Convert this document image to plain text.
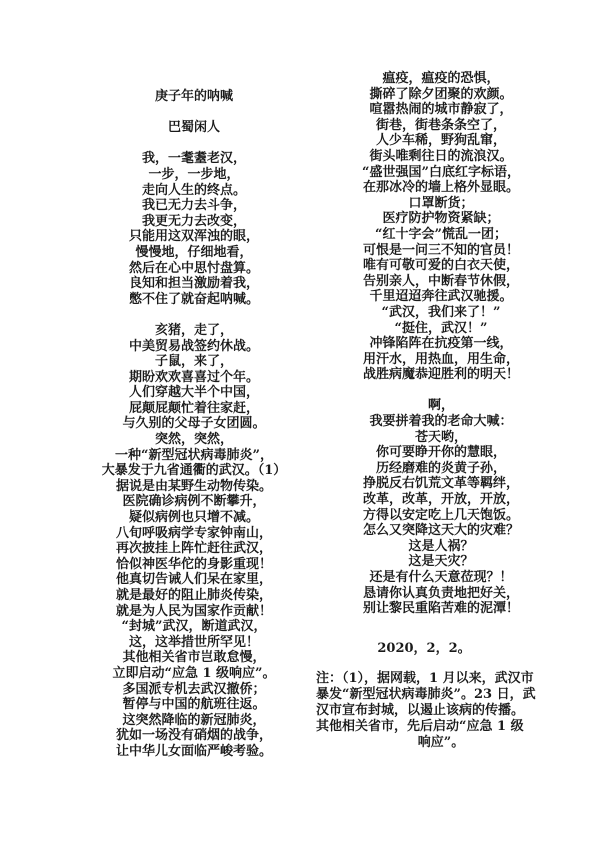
庚子年的呐喊
巴蜀闲人
我，一耄耋老汉，
一步，一步地，
走向人生的终点。
我已无力去斗争，
我更无力去改变，
只能用这双浑浊的眼，
慢慢地，仔细地看，
然后在心中思忖盘算。
良知和担当激励着我，
憋不住了就奋起呐喊。
亥猪，走了，
中美贸易战签约休战。
子鼠，来了，
期盼欢欢喜喜过个年。
人们穿越大半个中国，
屁颠屁颠忙着往家赶，
与久别的父母子女团圆。
突然，突然，
一种“新型冠状病毒肺炎”，
大暴发于九省通衢的武汉。（1）
据说是由某野生动物传染。
医院确诊病例不断攀升，
疑似病例也只增不减。
八旬呼吸病学专家钟南山，
再次披挂上阵忙赶往武汉，
恰似神医华佗的身影重现！
他真切告诫人们呆在家里，
就是最好的阻止肺炎传染，
就是为人民为国家作贡献！
“封城”武汉，断道武汉，
这，这举措世所罕见！
其他相关省市岂敢怠慢，
立即启动“应急 1 级响应”。
多国派专机去武汉撤侨；
暂停与中国的航班往返。
这突然降临的新冠肺炎，
犹如一场没有硝烟的战争，
让中华儿女面临严峻考验。
瘟疫，瘟疫的恐惧，
撕碎了除夕团聚的欢颜。
喧嚣热闹的城市静寂了，
街巷，街巷条条空了，
人少车稀，野狗乱窜，
街头唯剩往日的流浪汉。
“盛世强国”白底红字标语，
在那冰冷的墙上格外显眼。
口罩断货；
医疗防护物资紧缺；
“红十字会”慌乱一团；
可恨是一问三不知的官员！
唯有可敬可爱的白衣天使，
告别亲人，中断春节休假，
千里迢迢奔往武汉驰援。
“武汉，我们来了！”
“挺住，武汉！”
冲锋陷阵在抗疫第一线，
用汗水，用热血，用生命，
战胜病魔恭迎胜利的明天！
啊，
我要拼着我的老命大喊：
苍天哟，
你可要睁开你的慧眼，
历经磨难的炎黄子孙，
挣脱反右饥荒文革等羁绊，
改革，改革，开放，开放，
方得以安定吃上几天饱饭。
怎么又突降这天大的灾难？
这是人祸？
这是天灾？
还是有什么天意莅现？！
恳请你认真负责地把好关，
别让黎民重陷苦难的泥潭！
2020，2，2。
注：（1），据网载，1 月以来，武汉市
暴发“新型冠状病毒肺炎”。23 日，武
汉市宣布封城，以遏止该病的传播。
其他相关省市，先后启动“应急 1 级
响应”。
